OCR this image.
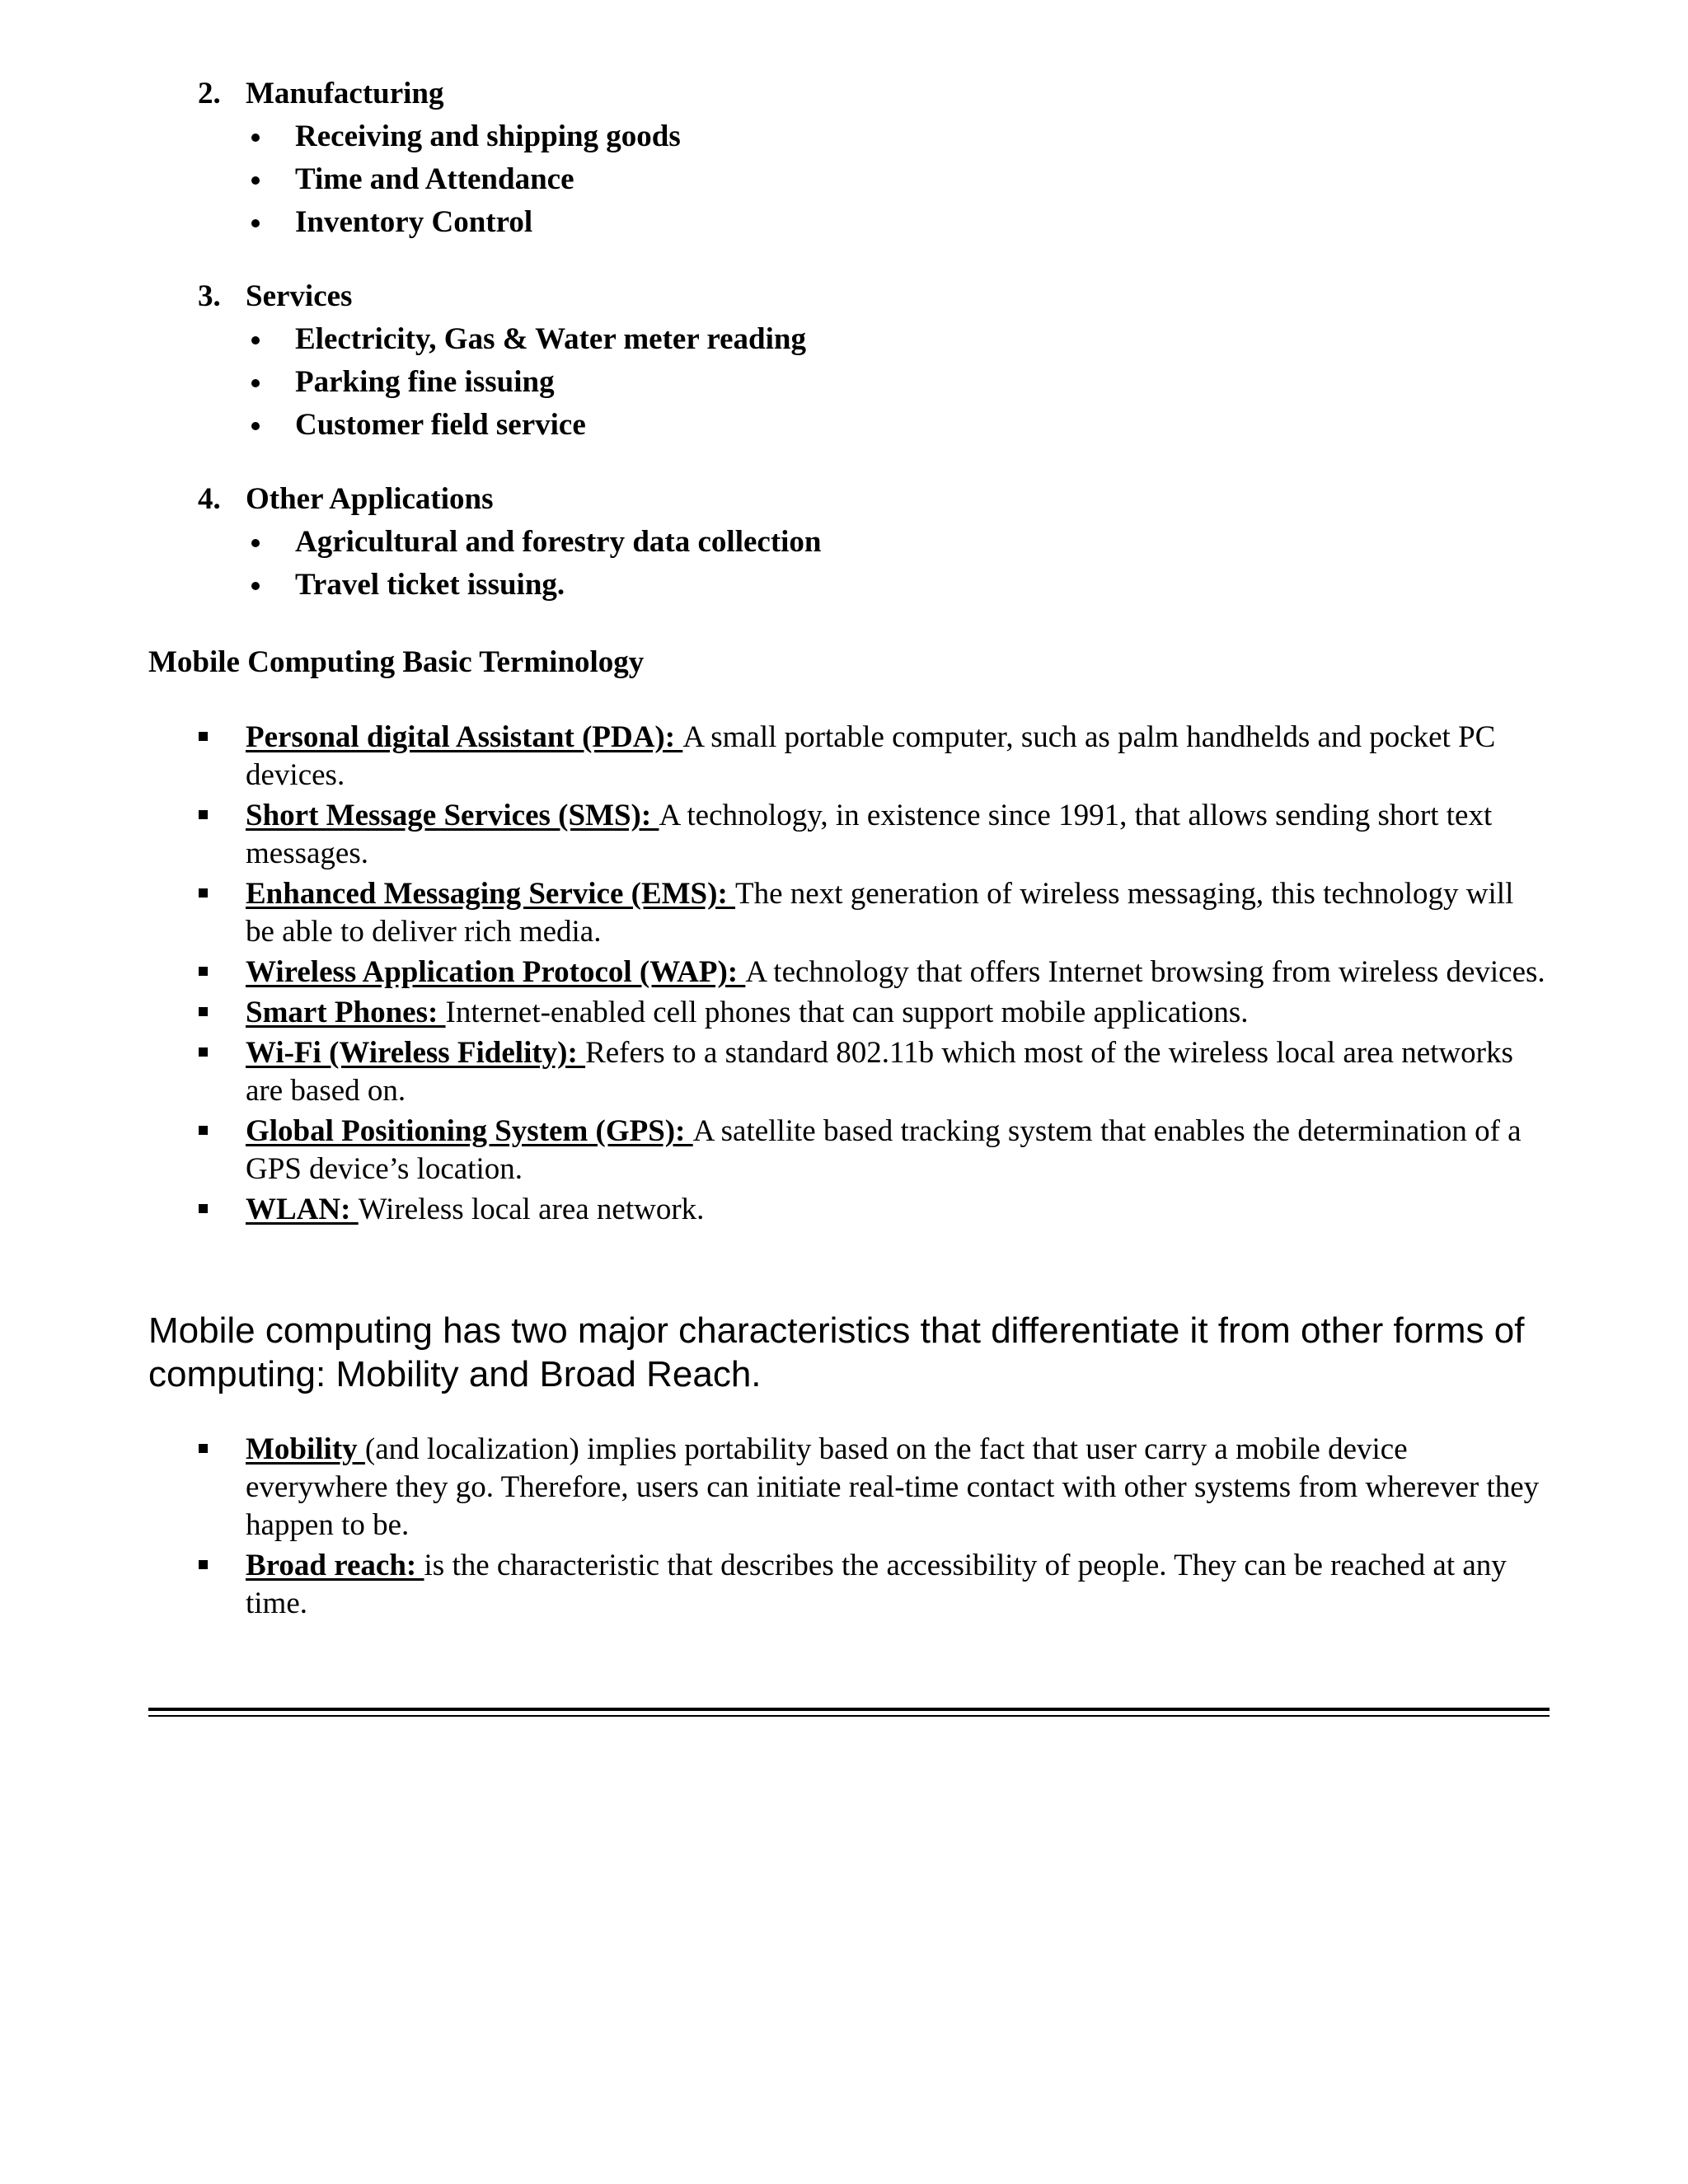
2. Manufacturing
Receiving and shipping goods
Time and Attendance
Inventory Control
3. Services
Electricity, Gas & Water meter reading
Parking fine issuing
Customer field service
4. Other Applications
Agricultural and forestry data collection
Travel ticket issuing.
Mobile Computing Basic Terminology
Personal digital Assistant (PDA): A small portable computer, such as palm handhelds and pocket PC devices.
Short Message Services (SMS): A technology, in existence since 1991, that allows sending short text messages.
Enhanced Messaging Service (EMS): The next generation of wireless messaging, this technology will be able to deliver rich media.
Wireless Application Protocol (WAP): A technology that offers Internet browsing from wireless devices.
Smart Phones: Internet-enabled cell phones that can support mobile applications.
Wi-Fi (Wireless Fidelity): Refers to a standard 802.11b which most of the wireless local area networks are based on.
Global Positioning System (GPS): A satellite based tracking system that enables the determination of a GPS device’s location.
WLAN: Wireless local area network.
Mobile computing has two major characteristics that differentiate it from other forms of computing: Mobility and Broad Reach.
Mobility (and localization) implies portability based on the fact that user carry a mobile device everywhere they go. Therefore, users can initiate real-time contact with other systems from wherever they happen to be.
Broad reach: is the characteristic that describes the accessibility of people. They can be reached at any time.
